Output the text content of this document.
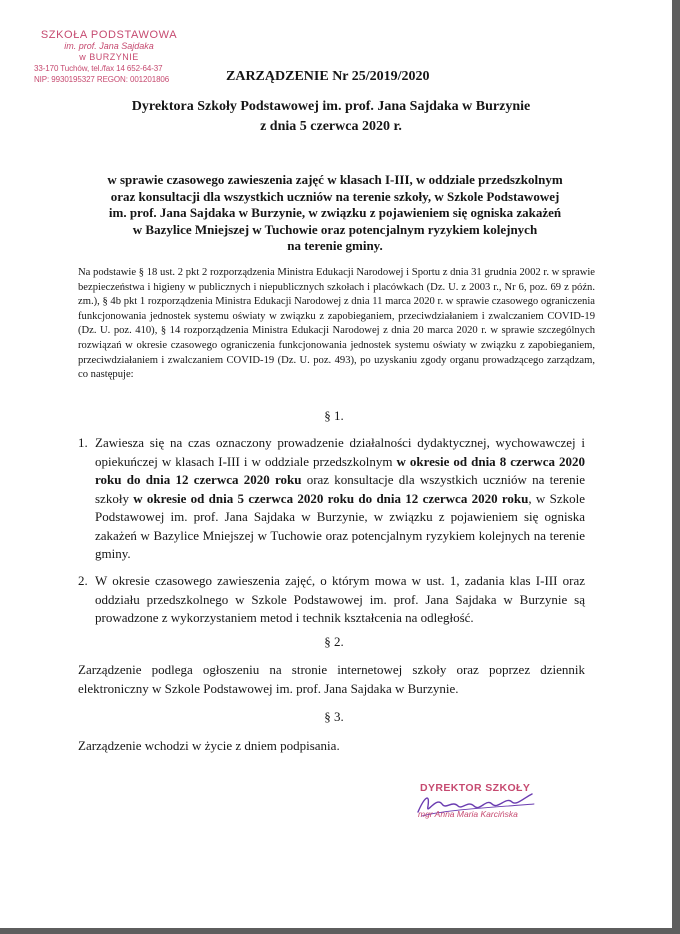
SZKOŁA PODSTAWOWA
im. prof. Jana Sajdaka
w BURZYNIE
33-170 Tuchów, tel./fax 14 652-64-37
NIP: 9930195327 REGON: 001201806	ZARZĄDZENIE Nr 25/2019/2020
Dyrektora Szkoły Podstawowej im. prof. Jana Sajdaka w Burzynie
z dnia 5 czerwca 2020 r.
w sprawie czasowego zawieszenia zajęć w klasach I-III, w oddziale przedszkolnym
oraz konsultacji dla wszystkich uczniów na terenie szkoły, w Szkole Podstawowej
im. prof. Jana Sajdaka w Burzynie, w związku z pojawieniem się ogniska zakażeń
w Bazylice Mniejszej w Tuchowie oraz potencjalnym ryzykiem kolejnych
na terenie gminy.
Na podstawie § 18 ust. 2 pkt 2 rozporządzenia Ministra Edukacji Narodowej i Sportu z dnia 31 grudnia 2002 r. w sprawie bezpieczeństwa i higieny w publicznych i niepublicznych szkołach i placówkach (Dz. U. z 2003 r., Nr 6, poz. 69 z późn. zm.), § 4b pkt 1 rozporządzenia Ministra Edukacji Narodowej z dnia 11 marca 2020 r. w sprawie czasowego ograniczenia funkcjonowania jednostek systemu oświaty w związku z zapobieganiem, przeciwdziałaniem i zwalczaniem COVID-19 (Dz. U. poz. 410), § 14 rozporządzenia Ministra Edukacji Narodowej z dnia 20 marca 2020 r. w sprawie szczególnych rozwiązań w okresie czasowego ograniczenia funkcjonowania jednostek systemu oświaty w związku z zapobieganiem, przeciwdziałaniem i zwalczaniem COVID-19 (Dz. U. poz. 493), po uzyskaniu zgody organu prowadzącego zarządzam, co następuje:
§ 1.
1. Zawiesza się na czas oznaczony prowadzenie działalności dydaktycznej, wychowawczej i opiekuńczej w klasach I-III i w oddziale przedszkolnym w okresie od dnia 8 czerwca 2020 roku do dnia 12 czerwca 2020 roku oraz konsultacje dla wszystkich uczniów na terenie szkoły w okresie od dnia 5 czerwca 2020 roku do dnia 12 czerwca 2020 roku, w Szkole Podstawowej im. prof. Jana Sajdaka w Burzynie, w związku z pojawieniem się ogniska zakażeń w Bazylice Mniejszej w Tuchowie oraz potencjalnym ryzykiem kolejnych na terenie gminy.
2. W okresie czasowego zawieszenia zajęć, o którym mowa w ust. 1, zadania klas I-III oraz oddziału przedszkolnego w Szkole Podstawowej im. prof. Jana Sajdaka w Burzynie są prowadzone z wykorzystaniem metod i technik kształcenia na odległość.
§ 2.
Zarządzenie podlega ogłoszeniu na stronie internetowej szkoły oraz poprzez dziennik elektroniczny w Szkole Podstawowej im. prof. Jana Sajdaka w Burzynie.
§ 3.
Zarządzenie wchodzi w życie z dniem podpisania.
DYREKTOR SZKOŁY
mgr Anna Maria Karcińska
